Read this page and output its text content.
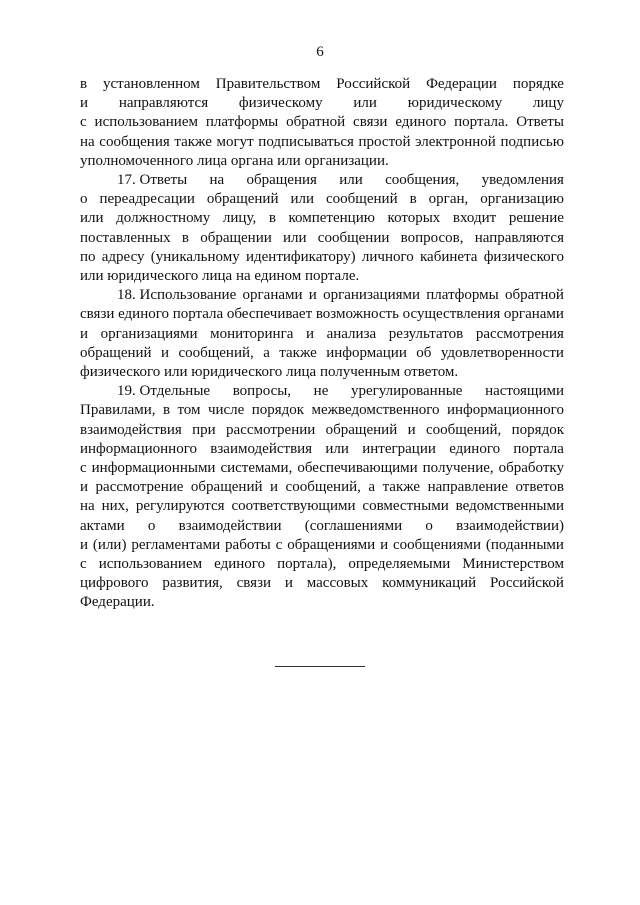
6
в установленном Правительством Российской Федерации порядке
и направляются физическому или юридическому лицу
с использованием платформы обратной связи единого портала. Ответы
на сообщения также могут подписываться простой электронной подписью
уполномоченного лица органа или организации.
17. Ответы на обращения или сообщения, уведомления
о переадресации обращений или сообщений в орган, организацию
или должностному лицу, в компетенцию которых входит решение
поставленных в обращении или сообщении вопросов, направляются
по адресу (уникальному идентификатору) личного кабинета физического
или юридического лица на едином портале.
18. Использование органами и организациями платформы обратной
связи единого портала обеспечивает возможность осуществления органами
и организациями мониторинга и анализа результатов рассмотрения
обращений и сообщений, а также информации об удовлетворенности
физического или юридического лица полученным ответом.
19. Отдельные вопросы, не урегулированные настоящими
Правилами, в том числе порядок межведомственного информационного
взаимодействия при рассмотрении обращений и сообщений, порядок
информационного взаимодействия или интеграции единого портала
с информационными системами, обеспечивающими получение, обработку
и рассмотрение обращений и сообщений, а также направление ответов
на них, регулируются соответствующими совместными ведомственными
актами о взаимодействии (соглашениями о взаимодействии)
и (или) регламентами работы с обращениями и сообщениями (поданными
с использованием единого портала), определяемыми Министерством
цифрового развития, связи и массовых коммуникаций Российской
Федерации.
